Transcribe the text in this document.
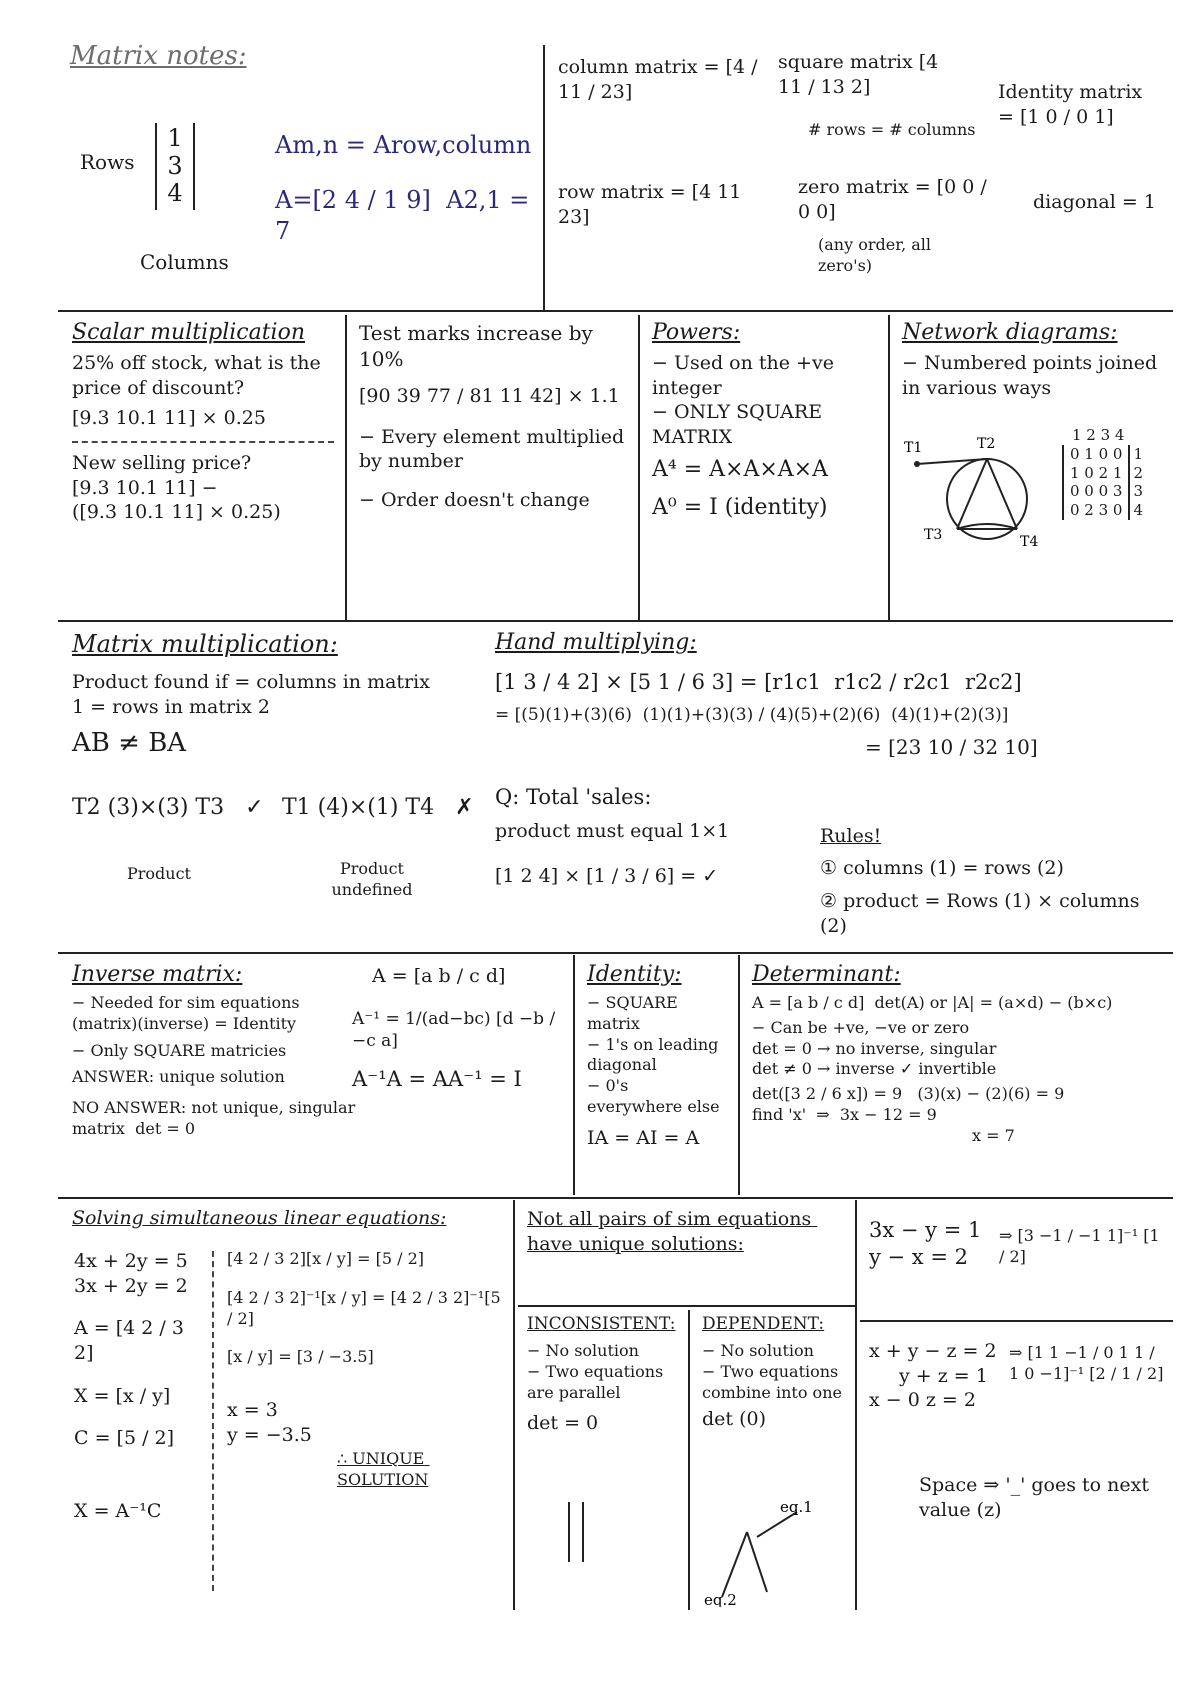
Matrix notes:
Rows
1
3
4
Columns
Am,n = Arow,column
A=[2 4 / 1 9]  A2,1 = 7
column matrix = [4 / 11 / 23]
square matrix [4 11 / 13 2]
# rows = # columns
Identity matrix = [1 0 / 0 1]
diagonal = 1
row matrix = [4 11 23]
zero matrix = [0 0 / 0 0]
(any order, all zero's)
Scalar multiplication

25% off stock, what is the price of discount?

[9.3 10.1 11] × 0.25

New selling price?

[9.3 10.1 11] −

([9.3 10.1 11] × 0.25)

Test marks increase by 10%

[90 39 77 / 81 11 42] × 1.1

− Every element multiplied by number

− Order doesn't change

Powers:

− Used on the +ve integer

− ONLY SQUARE MATRIX

A⁴ = A×A×A×A

A⁰ = I (identity)

Network diagrams:

− Numbered points joined in various ways

T1	T2
T3	T4
1 2 3 4
0 1 0 0
1 0 2 1
0 0 0 3
0 2 3 0
1
2
3
4
Matrix multiplication:

Product found if = columns in matrix 1 = rows in matrix 2

AB ≠ BA

T2 (3)×(3) T3   ✓

Product

T1 (4)×(1) T4   ✗

Product undefined

Hand multiplying:

[1 3 / 4 2] × [5 1 / 6 3] = [r1c1  r1c2 / r2c1  r2c2]

= [(5)(1)+(3)(6)  (1)(1)+(3)(3) / (4)(5)+(2)(6)  (4)(1)+(2)(3)]

= [23 10 / 32 10]

Q: Total 'sales:

product must equal 1×1

[1 2 4] × [1 / 3 / 6] = ✓

Rules!

① columns (1) = rows (2)

② product = Rows (1) × columns (2)

Inverse matrix:

− Needed for sim equations

(matrix)(inverse) = Identity

− Only SQUARE matricies

ANSWER: unique solution

NO ANSWER: not unique, singular matrix  det = 0

A = [a b / c d]

A⁻¹ = 1/(ad−bc) [d −b / −c a]

A⁻¹A = AA⁻¹ = I

Identity:

− SQUARE matrix

− 1's on leading diagonal

− 0's everywhere else

IA = AI = A

Determinant:

A = [a b / c d]  det(A) or |A| = (a×d) − (b×c)

− Can be +ve, −ve or zero

det = 0 → no inverse, singular

det ≠ 0 → inverse ✓ invertible

det([3 2 / 6 x]) = 9   (3)(x) − (2)(6) = 9

find 'x'  ⇒  3x − 12 = 9

x = 7

Solving simultaneous linear equations:

4x + 2y = 5

3x + 2y = 2

A = [4 2 / 3 2]

X = [x / y]

C = [5 / 2]

X = A⁻¹C

[4 2 / 3 2][x / y] = [5 / 2]

[4 2 / 3 2]⁻¹[x / y] = [4 2 / 3 2]⁻¹[5 / 2]

[x / y] = [3 / −3.5]

x = 3

y = −3.5

∴ UNIQUE SOLUTION

Not all pairs of sim equations have unique solutions:

INCONSISTENT:

− No solution

− Two equations are parallel

det = 0

DEPENDENT:

− No solution

− Two equations combine into one

det (0)

eq.1
eq.2

3x − y = 1

y − x = 2

⇒ [3 −1 / −1 1]⁻¹ [1 / 2]

x + y − z = 2

y + z = 1

x − 0 z = 2

⇒ [1 1 −1 / 0 1 1 / 1 0 −1]⁻¹ [2 / 1 / 2]

Space ⇒ '_' goes to next value (z)
